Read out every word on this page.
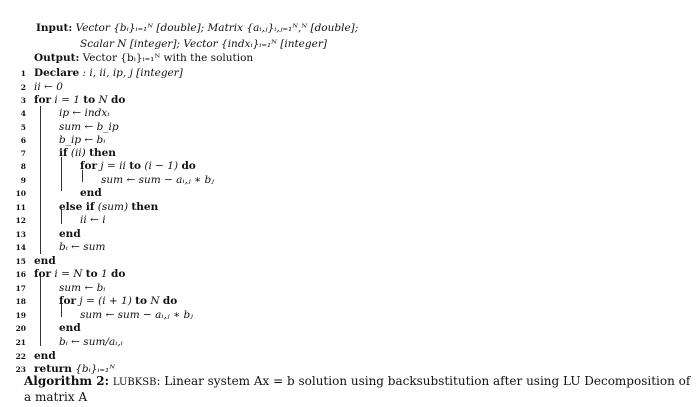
Input: Vector {bᵢ}ᵢ₌₁ᴺ [double]; Matrix {aᵢ,ⱼ}ᵢ,ⱼ₌₁ᴺ,ᴺ [double];
Scalar N [integer]; Vector {indxᵢ}ᵢ₌₁ᴺ [integer]
Output: Vector {bᵢ}ᵢ₌₁ᴺ with the solution
1 Declare : i, ii, ip, j [integer]
2 ii ← 0
3 for i = 1 to N do
4	ip ← indxᵢ
5	sum ← b_ip
6	b_ip ← bᵢ
7	if (ii) then
8	for j = ii to (i − 1) do
9	sum ← sum − aᵢ,ⱼ ∗ bⱼ
10	end
11	else if (sum) then
12	ii ← i
13	end
14	bᵢ ← sum
15 end
16 for i = N to 1 do
17	sum ← bᵢ
18	for j = (i + 1) to N do
19	sum ← sum − aᵢ,ⱼ ∗ bⱼ
20	end
21	bᵢ ← sum/aᵢ,ᵢ
22 end
23 return {bᵢ}ᵢ₌₁ᴺ
Algorithm 2: LUBKSB: Linear system Ax = b solution using backsubstitution after using LU Decomposition of a matrix A
